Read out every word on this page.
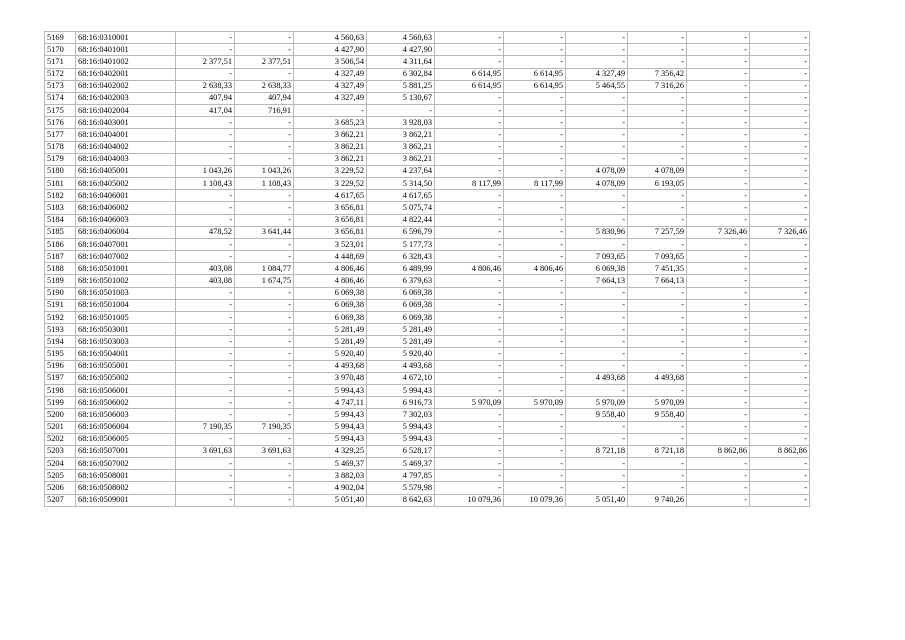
5169	68:16:0310001	-	-	4 560,63	4 560,63	-	-	-	-	-	-
5170	68:16:0401001	-	-	4 427,90	4 427,90	-	-	-	-	-	-
5171	68:16:0401002	2 377,51	2 377,51	3 506,54	4 311,64	-	-	-	-	-	-
5172	68:16:0402001	-	-	4 327,49	6 302,84	6 614,95	6 614,95	4 327,49	7 356,42	-	-
5173	68:16:0402002	2 638,33	2 638,33	4 327,49	5 881,25	6 614,95	6 614,95	5 464,55	7 316,26	-	-
5174	68:16:0402003	407,94	407,94	4 327,49	5 130,67	-	-	-	-	-	-
5175	68:16:0402004	417,04	716,91	-	-	-	-	-	-	-	-
5176	68:16:0403001	-	-	3 685,23	3 928,03	-	-	-	-	-	-
5177	68:16:0404001	-	-	3 862,21	3 862,21	-	-	-	-	-	-
5178	68:16:0404002	-	-	3 862,21	3 862,21	-	-	-	-	-	-
5179	68:16:0404003	-	-	3 862,21	3 862,21	-	-	-	-	-	-
5180	68:16:0405001	1 043,26	1 043,26	3 229,52	4 237,64	-	-	4 078,09	4 078,09	-	-
5181	68:16:0405002	1 108,43	1 108,43	3 229,52	5 314,50	8 117,99	8 117,99	4 078,09	6 193,05	-	-
5182	68:16:0406001	-	-	4 617,65	4 617,65	-	-	-	-	-	-
5183	68:16:0406002	-	-	3 656,81	5 075,74	-	-	-	-	-	-
5184	68:16:0406003	-	-	3 656,81	4 822,44	-	-	-	-	-	-
5185	68:16:0406004	478,52	3 641,44	3 656,81	6 596,79	-	-	5 830,96	7 257,59	7 326,46	7 326,46
5186	68:16:0407001	-	-	3 523,01	5 177,73	-	-	-	-	-	-
5187	68:16:0407002	-	-	4 448,69	6 328,43	-	-	7 093,65	7 093,65	-	-
5188	68:16:0501001	403,08	1 084,77	4 806,46	6 489,99	4 806,46	4 806,46	6 069,38	7 451,35	-	-
5189	68:16:0501002	403,08	1 674,75	4 806,46	6 379,63	-	-	7 664,13	7 664,13	-	-
5190	68:16:0501003	-	-	6 069,38	6 069,38	-	-	-	-	-	-
5191	68:16:0501004	-	-	6 069,38	6 069,38	-	-	-	-	-	-
5192	68:16:0501005	-	-	6 069,38	6 069,38	-	-	-	-	-	-
5193	68:16:0503001	-	-	5 281,49	5 281,49	-	-	-	-	-	-
5194	68:16:0503003	-	-	5 281,49	5 281,49	-	-	-	-	-	-
5195	68:16:0504001	-	-	5 920,40	5 920,40	-	-	-	-	-	-
5196	68:16:0505001	-	-	4 493,68	4 493,68	-	-	-	-	-	-
5197	68:16:0505002	-	-	3 970,48	4 672,10	-	-	4 493,68	4 493,68	-	-
5198	68:16:0506001	-	-	5 994,43	5 994,43	-	-	-	-	-	-
5199	68:16:0506002	-	-	4 747,11	6 916,73	5 970,09	5 970,09	5 970,09	5 970,09	-	-
5200	68:16:0506003	-	-	5 994,43	7 302,03	-	-	9 558,40	9 558,40	-	-
5201	68:16:0506004	7 190,35	7 190,35	5 994,43	5 994,43	-	-	-	-	-	-
5202	68:16:0506005	-	-	5 994,43	5 994,43	-	-	-	-	-	-
5203	68:16:0507001	3 691,63	3 691,63	4 329,25	6 528,17	-	-	8 721,18	8 721,18	8 862,86	8 862,86
5204	68:16:0507002	-	-	5 469,37	5 469,37	-	-	-	-	-	-
5205	68:16:0508001	-	-	3 882,03	4 797,85	-	-	-	-	-	-
5206	68:16:0508002	-	-	4 902,04	5 579,98	-	-	-	-	-	-
5207	68:16:0509001	-	-	5 051,40	8 642,63	10 079,36	10 079,36	5 051,40	9 740,26	-	-
